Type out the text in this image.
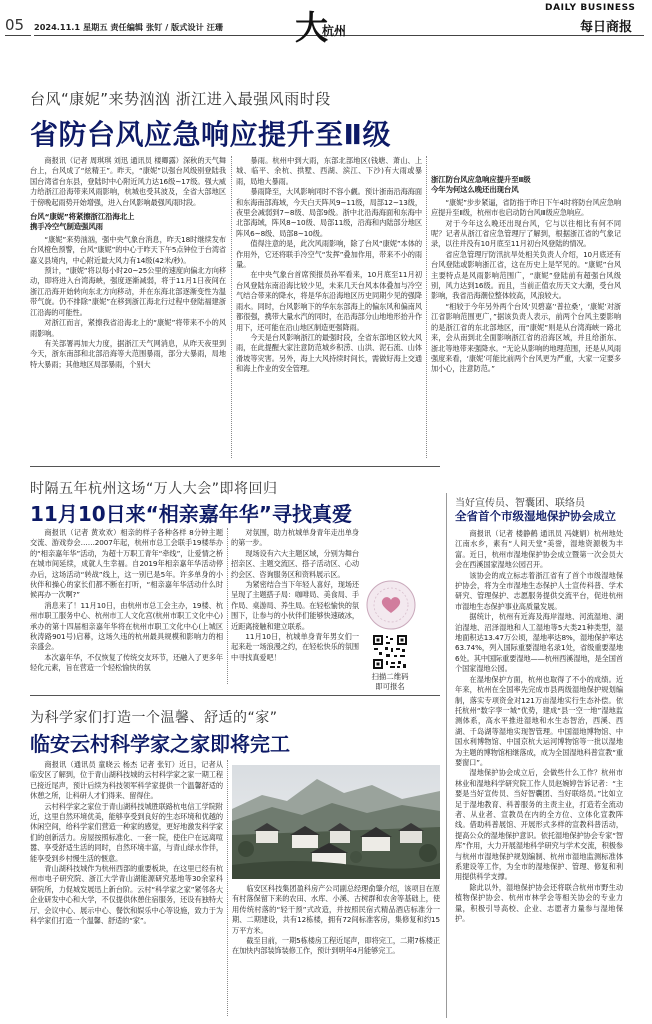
05 2024.11.1 星期五 责任编辑 张钉 / 版式设计 汪珊 大
杭州
DAILY BUSINESS
每日商报
台风“康妮”来势汹汹 浙江进入最强风雨时段
省防台风应急响应提升至Ⅱ级

商报讯（记者 周琪琪 刘迅 通讯员 楼卿露）深秋的天气舞台上，台风成了“炫精王”。昨天，“康妮”以强台风级别登陆我国台湾省台东县，登陆时中心附近风力达16级~17级。强大威力给浙江沿海带来风雨影响，杭城也受其波及，全省大部地区于傍晚起雨势开始增强，进入台风影响最强风雨时段。

台风“康妮”将紧擦浙江沿海北上
携手冷空气制造强风雨

“康妮”来势汹汹，强中央气象台消息，昨天18时继续发布台风橙色预警，台风“康妮”的中心于昨天下午5点钟位于台湾省嘉义县境内，中心附近最大风力有14级(42米/秒)。

预计，“康妮”将以每小时20~25公里的速度向偏北方向移动，即将进入台湾海峡，强度逐渐减弱，将于11月1日夜间在浙江沿海开始转向东北方向移动，并在东海北部逐渐变性为温带气旋。仍不排除“康妮”在移到浙江海北行过程中登陆福建浙江沿海的可能性。

对浙江而言，紧擦我省沿海北上的“康妮”将带来不小的风雨影响。

有关部署再加大力度，据浙江天气网消息，从昨天夜里到今天，浙东南部和北部沿海等大范围暴雨，部分大暴雨，局地特大暴雨；其他地区局部暴雨，个别大

暴雨。杭州中到大雨，东部北部地区(钱塘、萧山、上城、临平、余杭、拱墅、西湖、滨江、下沙)有大雨或暴雨，局地大暴雨。

暴雨降至，大风影响同时不容小觑。预计浙南沿海海面和东海南部海域，今天白天阵风9~11级，局部12~13级，夜里会减弱到7~8级、局部9级。浙中北沿海海面和东海中北部海域，阵风8~10级、局部11级，沿海和内陆部分地区阵风6~8级、局部8~10级。

值得注意的是，此次风雨影响，除了台风“康妮”本体的作用外，它还将联手冷空气“发挥”叠加作用，带来不小的雨量。

在中央气象台首席预报员孙军看来，10月底至11月初台风登陆东南沿海比较少见，未来几天台风本体叠加与冷空气结合带来的降水，将是华东沿海地区历史同期少见的强降雨水。同时，台风影响下的华东东部海上的偏东风和偏南风都很强，携带大量水汽的同时，在沿海部分山地地形抬升作用下，还可能在沿山地区制造更强降雨。

今天是台风影响浙江的最强时段，全省东部地区较大风雨，在此提醒大家注意防范城乡积涝、山洪、泥石流、山体滑坡等灾害。另外，海上大风持续时间长，需做好海上交通和海上作业的安全管理。

浙江防台风应急响应提升至Ⅱ级
今年为何这么晚还出现台风

“康妮”步步紧逼，省防指于昨日下午4时将防台风应急响应提升至Ⅱ级，杭州市也启动防台风Ⅲ级应急响应。

对于今年这么晚还出现台风，它与以往相比有何不同呢？记者从浙江省应急管理厅了解到，根据浙江省的气象记录，以往并没有10月底至11月初台风登陆的情况。

省应急管理厅防汛抗旱处相关负责人介绍，10月底还有台风登陆或影响浙江省，这在历史上是罕见的。“康妮”台风主要特点是风雨影响范围广，“康妮”登陆前有超强台风级别，风力达到16级。而且，当前正值农历天文大潮，受台风影响，我省沿海潮位整体较高，风浪较大。

“相较于今年另外两个台风‘贝碧嘉’‘普拉桑’，‘康妮’对浙江省影响范围更广，”据该负责人表示，前两个台风主要影响的是浙江省的东北部地区，而“康妮”则是从台湾海峡一路北来，会从南到北全面影响浙江省的沿海区域，并且给浙东、浙北等地带来强降水。“无论从影响的地理范围，还是从风雨强度来看，‘康妮’可能比前两个台风更为严重，大家一定要多加小心，注意防范。”

时隔五年杭州这场“万人大会”即将回归
11月10日来“相亲嘉年华”寻找真爱

商报讯（记者 黄欢欢）相亲的样子各种各样 8分钟主题交流、游戏券会……2007年起，杭州市总工会联手19楼举办的“相亲嘉年华”活动，为超十万职工青年“牵线”，让爱情之桥在城市间延续，成就人生幸福。自2019年相亲嘉年华活动停办后，这场活动“转战”线上，这一别已是5年。许多单身的小伙伴和操心的家长们都不断在打听，“相亲嘉年华活动什么时候再办一次啊?”

消息来了！11月10日，由杭州市总工会主办，19楼、杭州市职工服务中心、杭州市工人文化宫(杭州市职工文化中心)承办的第十四届相亲嘉年华将在杭州市职工文化中心(上城区秋涛路901号)启幕，这场久违的杭州最具规模和影响力的相亲盛会。

本次嘉年华，不仅恢复了传统交友环节，还融入了更多年轻化元素，旨在营造一个轻松愉快的氛

对氛围，助力杭城单身青年走出单身的第一步。

现场设有六大主题区域，分别为舞台招亲区、主题交流区、搭子活动区、心动约会区、咨询服务区和资料展示区。

为紧密结合当下年轻人喜好，现场还呈现了主题搭子局：咖啡局、美食局、手作局、桌游局、养生局。在轻松愉快的氛围下，让参与的小伙伴们能够快速破冰，近距离接触和建立联系。

11月10日，杭城单身青年男女们一起来赴一场浪漫之约，在轻松快乐的氛围中寻找真爱吧！

扫描二维码
即可报名
当好宣传员、智囊团、联络员
全省首个市级湿地保护协会成立

商报讯（记者 楼静鹤 通讯员 冯婕娟）杭州地处江南水乡，素有“人间天堂”美誉，湿地资源极为丰富。近日，杭州市湿地保护协会成立暨第一次会员大会在西溪国家湿地公园召开。

该协会的成立标志着浙江省有了首个市级湿地保护协会，将为全市湿地生态保护人士宣传科普、学术研究、管理保护、志愿服务提供交流平台，促进杭州市湿地生态保护事业高质量发展。

据统计，杭州有近海及海岸湿地、河流湿地、湖泊湿地、沼泽湿地和人工湿地等5大类21种类型，湿地面积达13.47万公顷，湿地率达8%，湿地保护率达63.74%，列入国际重要湿地名录1处，省级重要湿地6处。其中国际重要湿地——杭州西溪湿地，是全国首个国家湿地公园。

在湿地保护方面，杭州也取得了不小的成绩。近年来，杭州在全国率先完成市县两级湿地保护规划编制，落实专项资金对121万亩湿地实行生态补偿。依托杭州“数字孪一城”优势，建成“县一空一地”湿地监测体系，高水平推进湿地和水生态智治，西溪、西湖、千岛湖等湿地实现智管理。中国湿地博物馆、中国水利博物馆、中国京杭大运河博物馆等一批以湿地为主题的博物馆相继落成，成为全国湿地科普宣教“重要窗口”。

湿地保护协会成立后，会做些什么工作？杭州市林业和湿地科学研究院工作人员赵婉婷告诉记者：“主要是当好宣传员、当好智囊团、当好联络员。”比如立足于湿地教育、科普服务的主责主业，打造若全流动者、从业者、宣教员在内的全方位、立体化宣教阵线。借助科普展馆、开展形式多样的宣教科普活动，提高公众的湿地保护意识。依托湿地保护协会专家“智库”作用，大力开展湿地科学研究与学术交流，积极参与杭州市湿地保护规划编制、杭州市湿地监测标准体系建设等工作，为全市的湿地保护、管理、修复和利用提供科学支撑。

除此以外，湿地保护协会还将联合杭州市野生动植物保护协会、杭州市林学会等相关协会的专业力量，积极引导高校、企业、志愿者力量参与湿地保护。

为科学家们打造一个温馨、舒适的“家”
临安云村科学家之家即将完工

商报讯（通讯员 童晓云 杨杰 记者 张钉）近日，记者从临安区了解到，位于青山湖科技城的云村科学家之家一期工程已接近尾声，预计后续为科技领军科学家提供一个温馨舒适的休憩之所，让科研人才们得来、留得住。

云村科学家之家位于青山湖科技城胜联路杭电信工学院附近，这里自然环境优美，能够享受到良好的生态环境和优越的休闲空间，给科学家们营造一种家的感觉，更好地激发科学家们的创新活力。房屋按照标准化、一套一院，使住户在远离喧嚣、享受舒适生活的同时，自然环境丰富，与青山绿水作伴，能享受到乡村慢生活的惬意。

青山湖科技城作为杭州西部的重要板块，在这里已经有杭州市电子研究院、浙江大学青山湖能源研究基地等30余家科研院所，力促城发展迅上新台阶。云村“科学家之家”紧邻各大企业研发中心和大学，不仅提供休憩住宿服务，还设有独特大厅、会议中心、展示中心、餐饮和娱乐中心等设施，致力于为科学家们打造一个温馨、舒适的“家”。

临安区科技集团盈科房产公司副总经理俞肇介绍，该项目在原有村落保留下来的农田、水库、小溪、古树群和农舍等基础上，使用传统村落的“轻干预”式改造，并按照民宿式精品酒店标准分一期、二期建设，共有12栋楼，拥有72间标准客房，集修复和约15万平方米。

截至目前，一期5栋楼房工程近尾声，即将完工，二期7栋楼正在加快内部装饰装修工作，预计到明年4月能够完工。
